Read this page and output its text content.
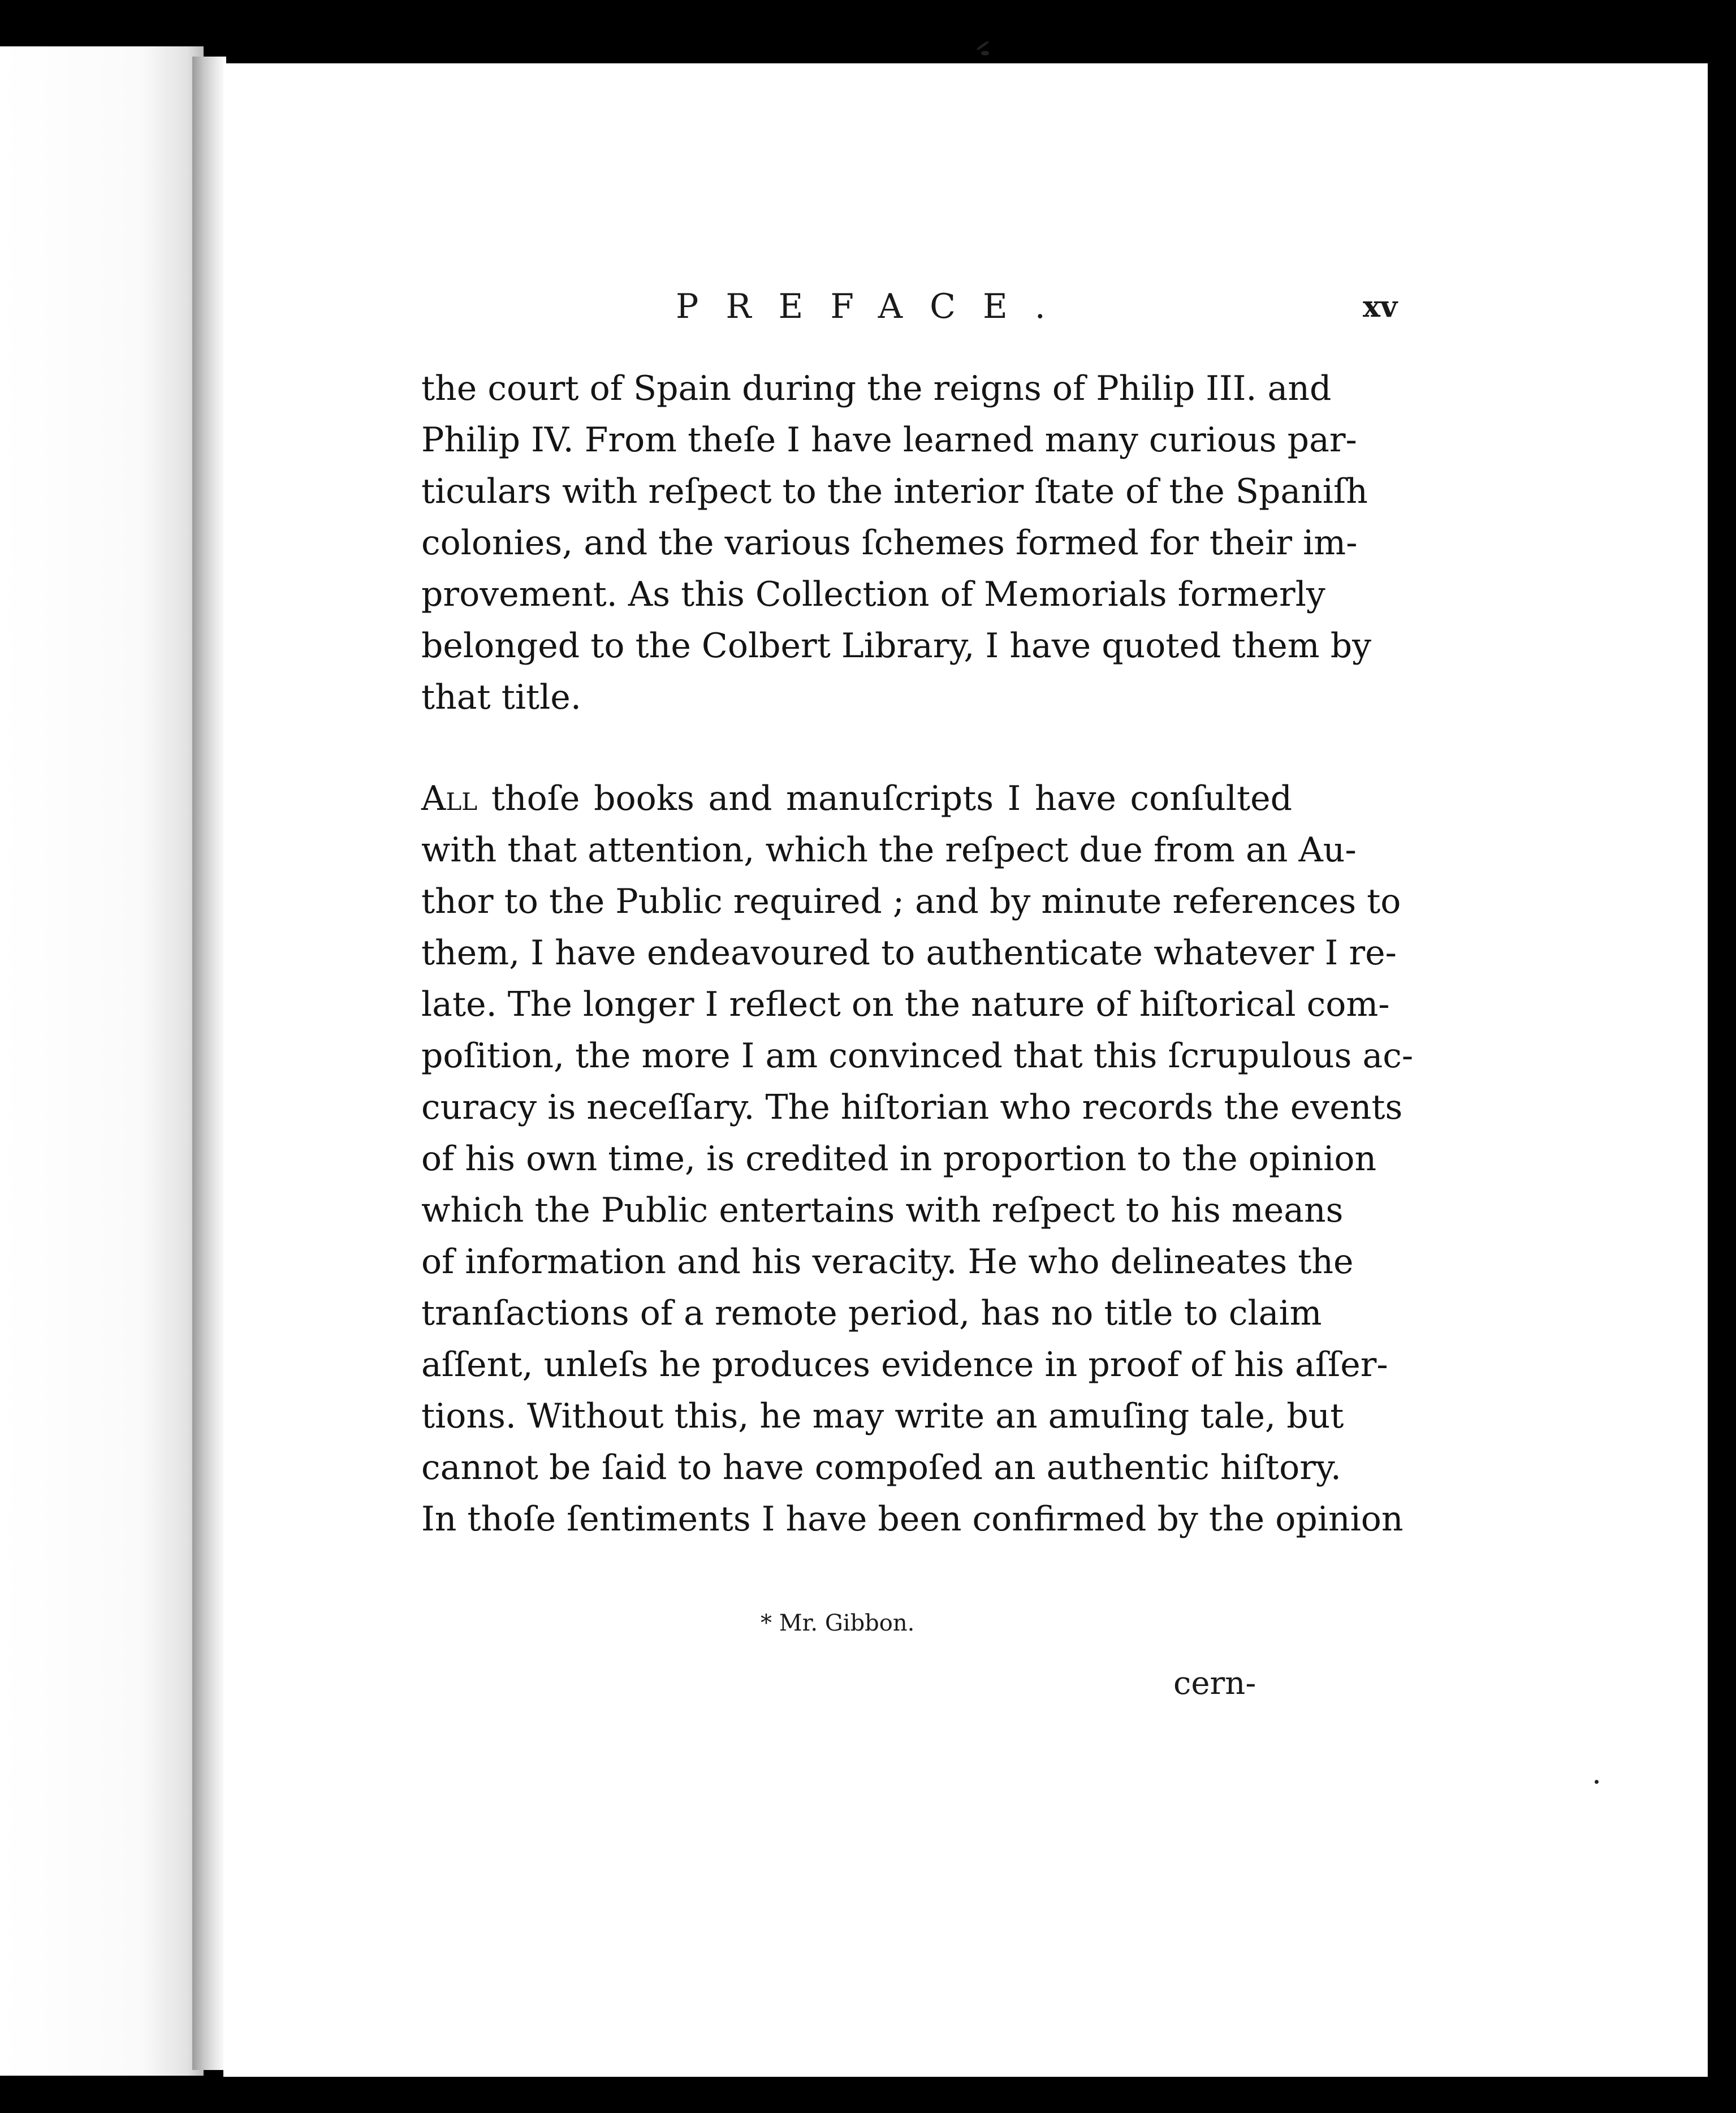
PREFACE.	xv
the court of Spain during the reigns of Philip III. and
Philip IV. From theſe I have learned many curious par-
ticulars with reſpect to the interior ſtate of the Spaniſh
colonies, and the various ſchemes formed for their im-
provement. As this Collection of Memorials formerly
belonged to the Colbert Library, I have quoted them by
that title.
All thoſe books and manuſcripts I have conſulted
with that attention, which the reſpect due from an Au-
thor to the Public required ; and by minute references to
them, I have endeavoured to authenticate whatever I re-
late. The longer I reflect on the nature of hiſtorical com-
poſition, the more I am convinced that this ſcrupulous ac-
curacy is neceſſary. The hiſtorian who records the events
of his own time, is credited in proportion to the opinion
which the Public entertains with reſpect to his means
of information and his veracity. He who delineates the
tranſactions of a remote period, has no title to claim
aſſent, unleſs he produces evidence in proof of his aſſer-
tions. Without this, he may write an amuſing tale, but
cannot be ſaid to have compoſed an authentic hiſtory.
In thoſe ſentiments I have been confirmed by the opinion
* Mr. Gibbon.
cern-
